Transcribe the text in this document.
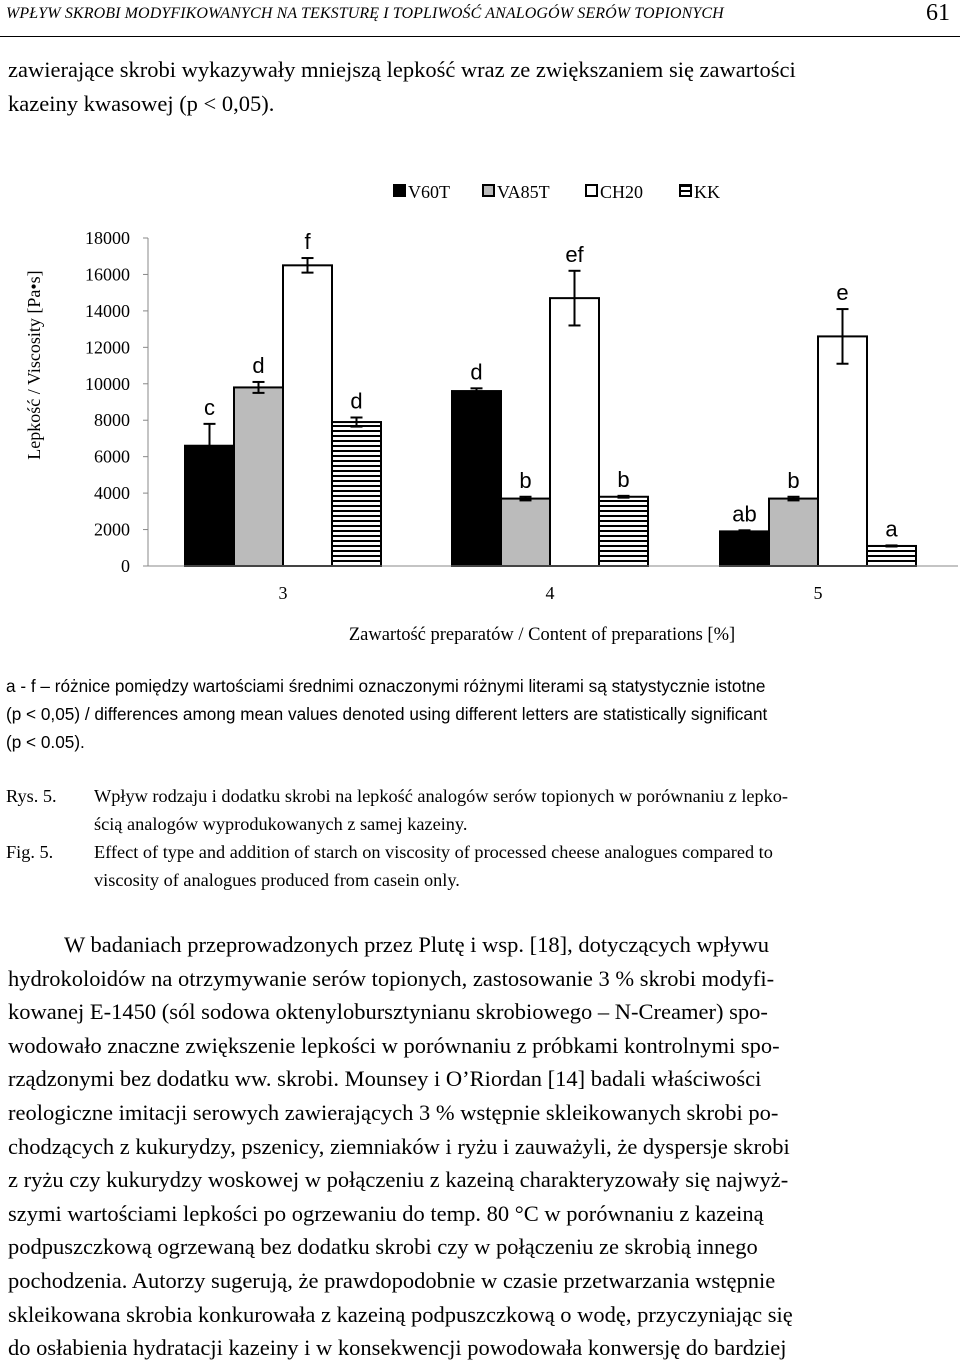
WPŁYW SKROBI MODYFIKOWANYCH NA TEKSTURĘ I TOPLIWOŚĆ ANALOGÓW SERÓW TOPIONYCH	61
zawierające skrobi wykazywały mniejszą lepkość wraz ze zwiększaniem się zawartości
kazeiny kwasowej (p < 0,05).
V60T	VA85T	CH20	KK
0
2000
4000
6000
8000
10000
12000
14000
16000
18000
c
d
ab
d
b	b
f
ef
e
d
b
a
3	4	5
Lepkość / Viscosity [Pa•s]
Zawartość preparatów / Content of preparations [%]
a - f – różnice pomiędzy wartościami średnimi oznaczonymi różnymi literami są statystycznie istotne
(p < 0,05) / differences among mean values denoted using different letters are statistically significant
(p < 0.05).
Rys. 5.	Wpływ rodzaju i dodatku skrobi na lepkość analogów serów topionych w porównaniu z lepko-
ścią analogów wyprodukowanych z samej kazeiny.
Fig. 5.	Effect of type and addition of starch on viscosity of processed cheese analogues compared to
viscosity of analogues produced from casein only.
W badaniach przeprowadzonych przez Plutę i wsp. [18], dotyczących wpływu
hydrokoloidów na otrzymywanie serów topionych, zastosowanie 3 % skrobi modyfi-
kowanej E-1450 (sól sodowa oktenylobursztynianu skrobiowego – N-Creamer) spo-
wodowało znaczne zwiększenie lepkości w porównaniu z próbkami kontrolnymi spo-
rządzonymi bez dodatku ww. skrobi. Mounsey i O’Riordan [14] badali właściwości
reologiczne imitacji serowych zawierających 3 % wstępnie skleikowanych skrobi po-
chodzących z kukurydzy, pszenicy, ziemniaków i ryżu i zauważyli, że dyspersje skrobi
z ryżu czy kukurydzy woskowej w połączeniu z kazeiną charakteryzowały się najwyż-
szymi wartościami lepkości po ogrzewaniu do temp. 80 °C w porównaniu z kazeiną
podpuszczkową ogrzewaną bez dodatku skrobi czy w połączeniu ze skrobią innego
pochodzenia. Autorzy sugerują, że prawdopodobnie w czasie przetwarzania wstępnie
skleikowana skrobia konkurowała z kazeiną podpuszczkową o wodę, przyczyniając się
do osłabienia hydratacji kazeiny i w konsekwencji powodowała konwersję do bardziej
